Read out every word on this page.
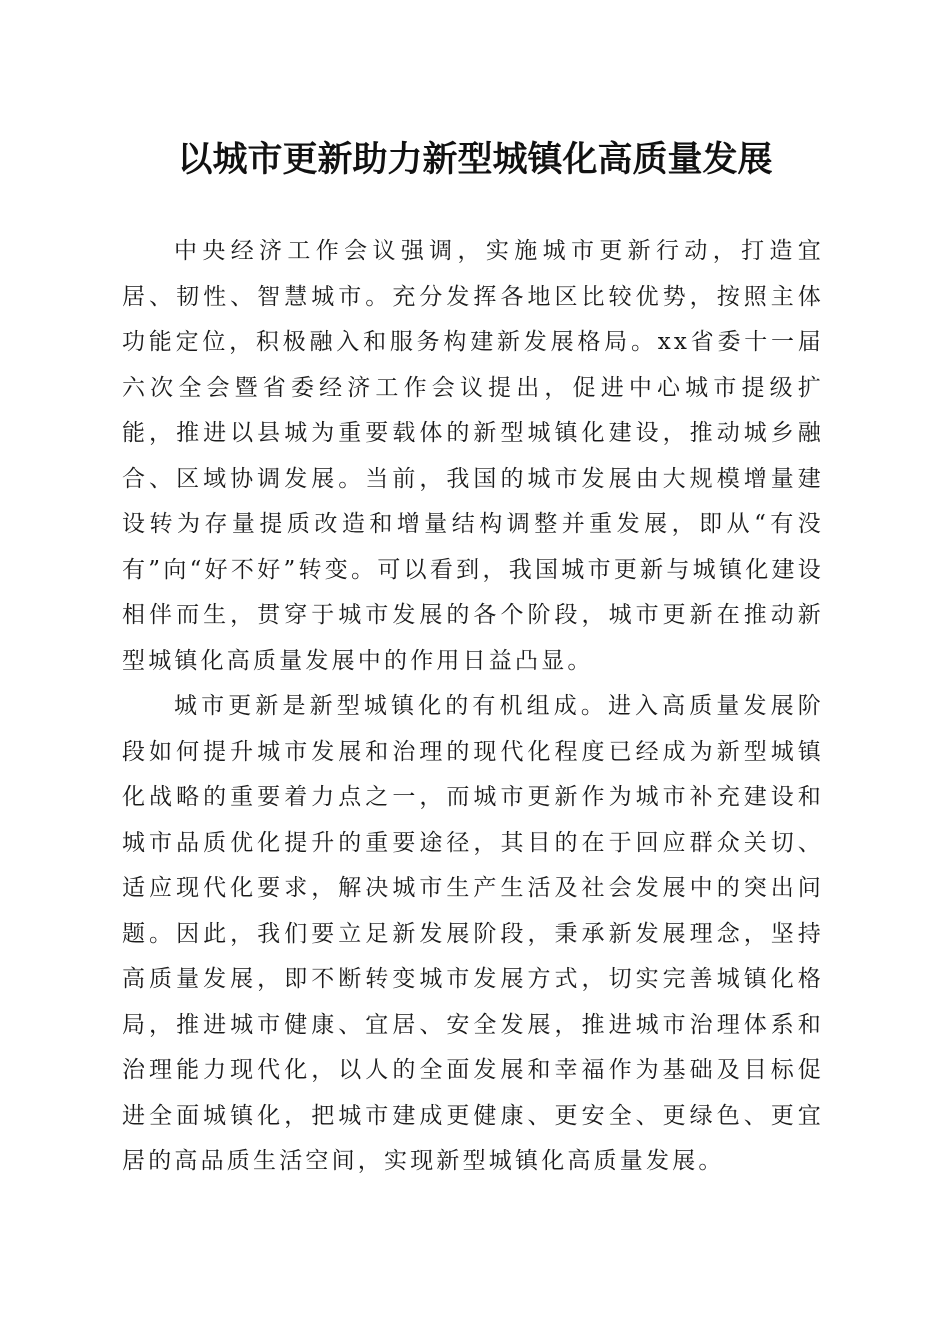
以城市更新助力新型城镇化高质量发展

中央经济工作会议强调，实施城市更新行动，打造宜居、韧性、智慧城市。充分发挥各地区比较优势，按照主体功能定位，积极融入和服务构建新发展格局。xx省委十一届六次全会暨省委经济工作会议提出，促进中心城市提级扩能，推进以县城为重要载体的新型城镇化建设，推动城乡融合、区域协调发展。当前，我国的城市发展由大规模增量建设转为存量提质改造和增量结构调整并重发展，即从“有没有”向“好不好”转变。可以看到，我国城市更新与城镇化建设相伴而生，贯穿于城市发展的各个阶段，城市更新在推动新型城镇化高质量发展中的作用日益凸显。

城市更新是新型城镇化的有机组成。进入高质量发展阶段如何提升城市发展和治理的现代化程度已经成为新型城镇化战略的重要着力点之一，而城市更新作为城市补充建设和城市品质优化提升的重要途径，其目的在于回应群众关切、适应现代化要求，解决城市生产生活及社会发展中的突出问题。因此，我们要立足新发展阶段，秉承新发展理念，坚持高质量发展，即不断转变城市发展方式，切实完善城镇化格局，推进城市健康、宜居、安全发展，推进城市治理体系和治理能力现代化，以人的全面发展和幸福作为基础及目标促进全面城镇化，把城市建成更健康、更安全、更绿色、更宜居的高品质生活空间，实现新型城镇化高质量发展。
